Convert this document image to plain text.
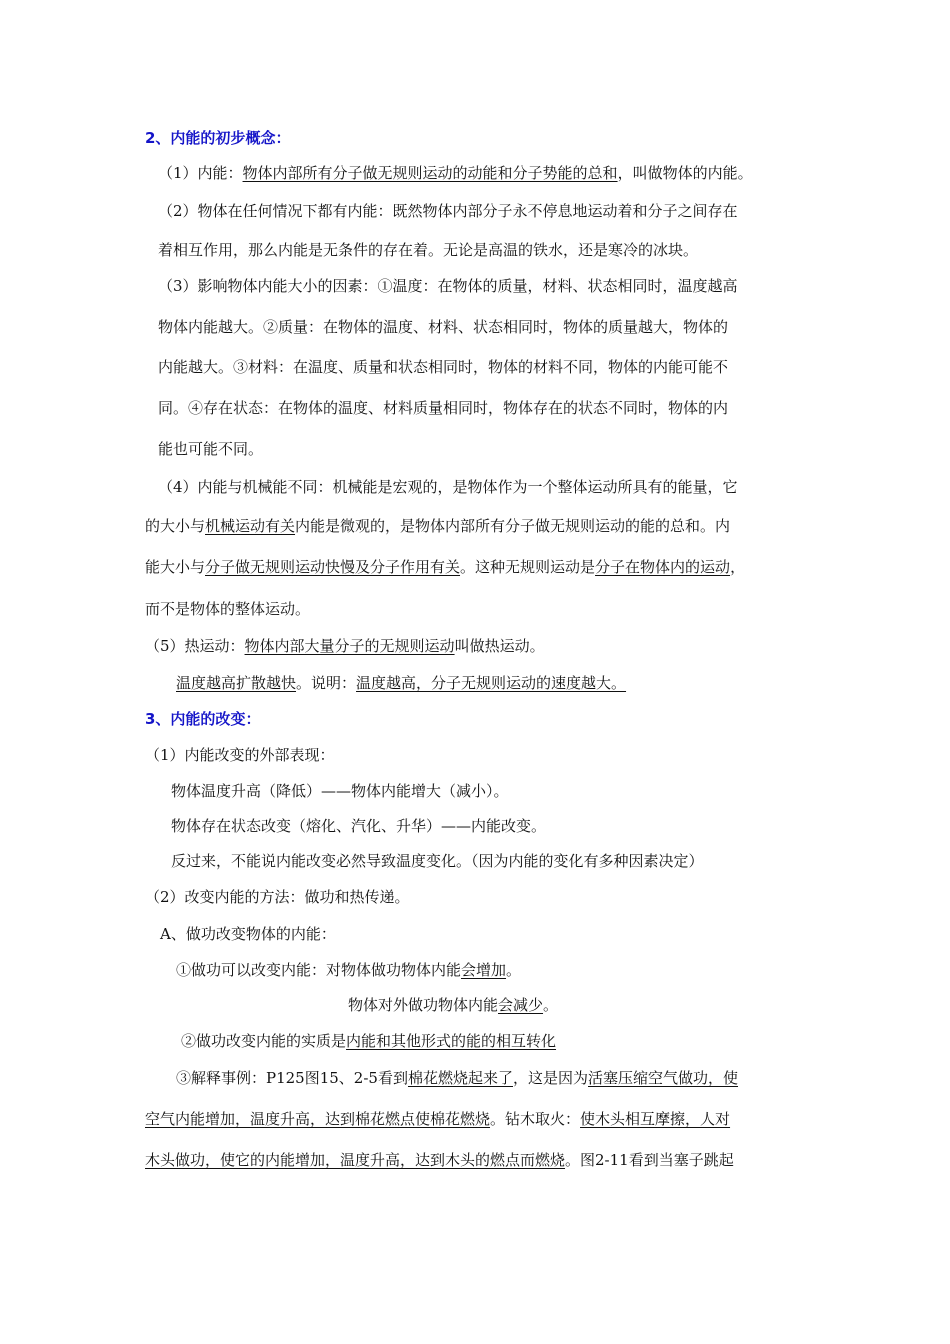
2、内能的初步概念：
（1）内能：物体内部所有分子做无规则运动的动能和分子势能的总和，叫做物体的内能。
（2）物体在任何情况下都有内能：既然物体内部分子永不停息地运动着和分子之间存在
着相互作用，那么内能是无条件的存在着。无论是高温的铁水，还是寒冷的冰块。
（3）影响物体内能大小的因素：①温度：在物体的质量，材料、状态相同时，温度越高
物体内能越大。②质量：在物体的温度、材料、状态相同时，物体的质量越大，物体的
内能越大。③材料：在温度、质量和状态相同时，物体的材料不同，物体的内能可能不
同。④存在状态：在物体的温度、材料质量相同时，物体存在的状态不同时，物体的内
能也可能不同。
（4）内能与机械能不同：机械能是宏观的，是物体作为一个整体运动所具有的能量，它
的大小与机械运动有关内能是微观的，是物体内部所有分子做无规则运动的能的总和。内
能大小与分子做无规则运动快慢及分子作用有关。这种无规则运动是分子在物体内的运动，
而不是物体的整体运动。
（5）热运动：物体内部大量分子的无规则运动叫做热运动。
温度越高扩散越快。说明：温度越高，分子无规则运动的速度越大。
3、内能的改变：
（1）内能改变的外部表现：
物体温度升高（降低）——物体内能增大（减小）。
物体存在状态改变（熔化、汽化、升华）——内能改变。
反过来，不能说内能改变必然导致温度变化。（因为内能的变化有多种因素决定）
（2）改变内能的方法：做功和热传递。
A、做功改变物体的内能：
①做功可以改变内能：对物体做功物体内能会增加。
物体对外做功物体内能会减少。
②做功改变内能的实质是内能和其他形式的能的相互转化
③解释事例：P125图15、2-5看到棉花燃烧起来了，这是因为活塞压缩空气做功，使
空气内能增加，温度升高，达到棉花燃点使棉花燃烧。钻木取火：使木头相互摩擦，人对
木头做功，使它的内能增加，温度升高，达到木头的燃点而燃烧。图2-11看到当塞子跳起
